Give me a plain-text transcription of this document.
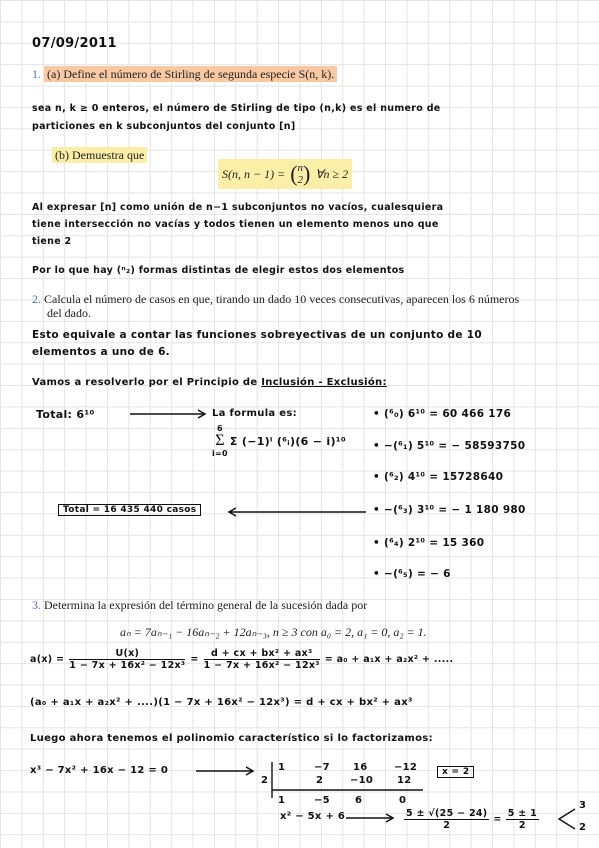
07/09/2011
1. (a) Define el número de Stirling de segunda especie S(n, k).
sea n, k ≥ 0 enteros, el número de Stirling de tipo (n,k) es el numero de
particiones en k subconjuntos del conjunto [n]
(b) Demuestra que
S(n, n − 1) = ( n
2 ) ∀n ≥ 2
Al expresar [n] como unión de n−1 subconjuntos no vacíos, cualesquiera
tiene intersección no vacías y todos tienen un elemento menos uno que
tiene 2
Por lo que hay (ⁿ₂) formas distintas de elegir estos dos elementos
2. Calcula el número de casos en que, tirando un dado 10 veces consecutivas, aparecen los 6 números
del dado.
Esto equivale a contar las funciones sobreyectivas de un conjunto de 10
elementos a uno de 6.
Vamos a resolverlo por el Principio de Inclusión - Exclusión:
Total: 6¹⁰	La formula es:
6
Σ
i=0
Σ (−1)ⁱ (⁶ᵢ)(6 − i)¹⁰
• (⁶₀) 6¹⁰ = 60 466 176
• −(⁶₁) 5¹⁰ = − 58593750
• (⁶₂) 4¹⁰ = 15728640
• −(⁶₃) 3¹⁰ = − 1 180 980
• (⁶₄) 2¹⁰ = 15 360
• −(⁶₅) = − 6
Total = 16 435 440 casos
3. Determina la expresión del término general de la sucesión dada por
aₙ = 7aₙ₋₁ − 16aₙ₋₂ + 12aₙ₋₃, n ≥ 3 con a₀ = 2, a₁ = 0, a₂ = 1.
$a(x) = \frac{U(x)}{\text{1 − 7x + 16x² − 12x³}} = \frac{\text{d + cx + bx² + ax³}}{\text{1 − 7x + 16x² − 12x³}} = a_0 + a_1x + a_2x^2$ + .....
(a₀ + a₁x + a₂x² + ....)(1 − 7x + 16x² − 12x³) = d + cx + bx² + ax³
Luego ahora tenemos el polinomio característico si lo factorizamos:
x³ − 7x² + 16x − 12 = 0	1	−7 16	−12
2	2	−10 12
1	−5	6	0
x = 2
x² − 5x + 6	$\frac{5 \pm √(25 - 24)}{2} = \frac{5 \pm 1}{2}$
3
2
